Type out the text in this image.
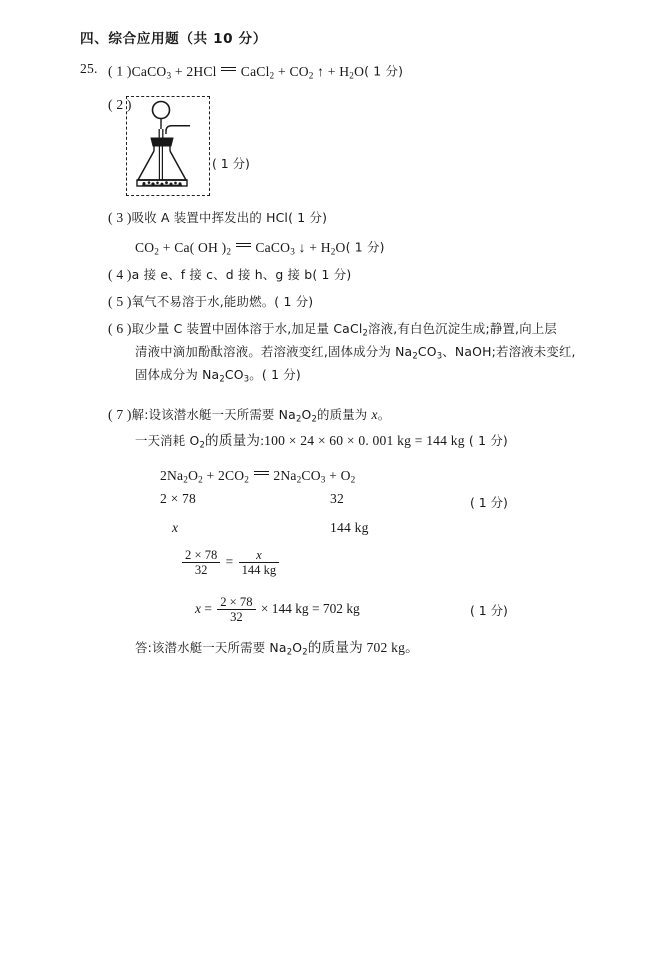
四、综合应用题（共 10 分）
25. ( 1 )CaCO$_3$ + 2HCl  CaCl$_2$ + $CO_2$ ↑ + $H_2O$( 1 分)
( 2 )
( 1 分)
( 3 )吸收 A 装置中挥发出的 HCl( 1 分)
$CO_2 + Ca$( OH )$_2$  CaCO$_3$ ↓ + $H_2O$( 1 分)
( 4 )a 接 e、f 接 c、d 接 h、g 接 b( 1 分)
( 5 )氧气不易溶于水,能助燃。( 1 分)
( 6 )取少量 C 装置中固体溶于水,加足量 CaCl$_2$溶液,有白色沉淀生成;静置,向上层
清液中滴加酚酞溶液。若溶液变红,固体成分为 $Na_2CO_3$、NaOH;若溶液未变红,
固体成分为 $Na_2CO_3$。( 1 分)
( 7 )解:设该潜水艇一天所需要 $Na_2O_2$的质量为 x。
一天消耗 $O_2$的质量为:100 × 24 × 60 × 0. 001 kg = 144 kg ( 1 分)
$2Na_2O_2 + 2CO_2$  $2Na_2CO_3 + O_2$
2 × 78	32	( 1 分)
x	144 kg
$\frac{2 \times 78}{32} = \frac{x}{144 kg}$
$x = \frac{2 \times 78}{32} \times 144$ kg = 702 kg	( 1 分)
答:该潜水艇一天所需要 $Na_2O_2$的质量为 702 kg。
